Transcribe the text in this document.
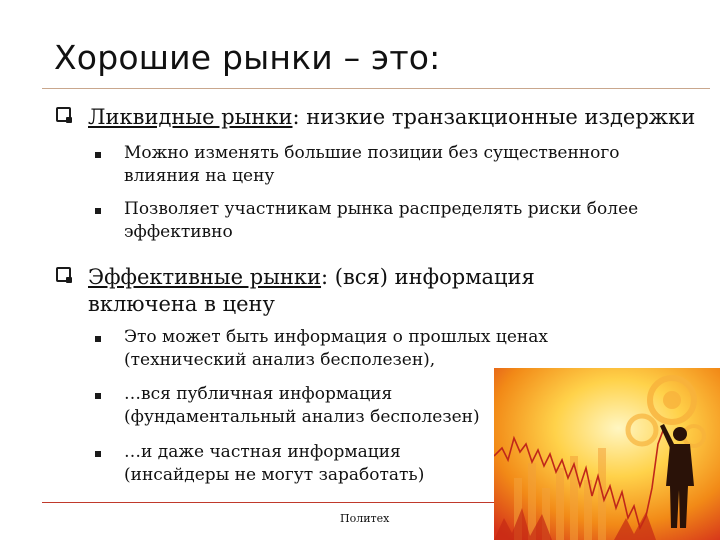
Хорошие рынки – это:
Ликвидные рынки: низкие транзакционные издержки
Можно изменять большие позиции без существенного
влияния на цену
Позволяет участникам рынка распределять риски более
эффективно
Эффективные рынки: (вся) информация
включена в цену
Это может быть информация о прошлых ценах
(технический анализ бесполезен),
…вся публичная информация
(фундаментальный анализ бесполезен)
…и даже частная информация
(инсайдеры не могут заработать)
Политех
